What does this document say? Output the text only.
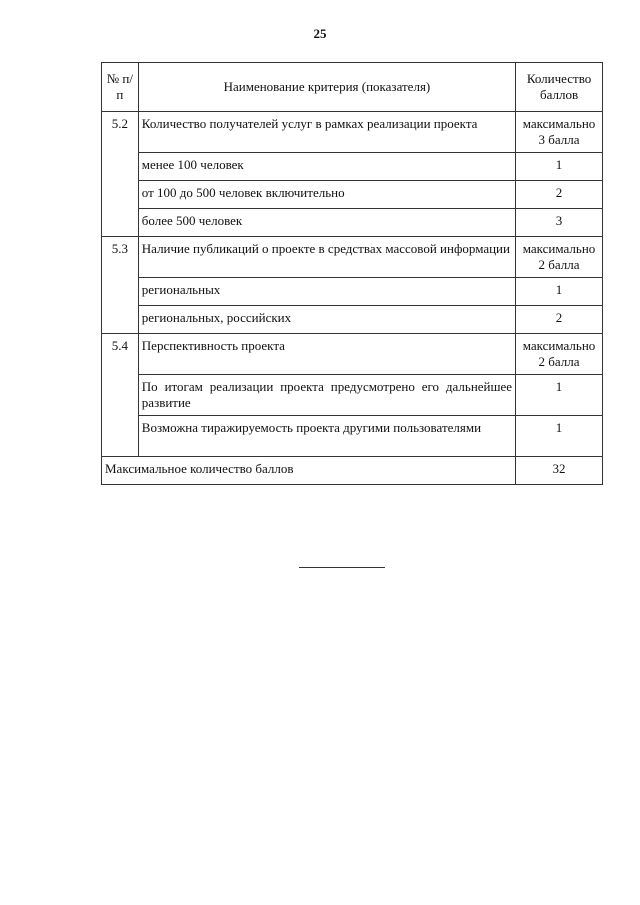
25
№ п/п	Наименование критерия (показателя)	Количество баллов
5.2	Количество получателей услуг в рамках реализации проекта	максимально 3 балла
	менее 100 человек	1
	от 100 до 500 человек включительно	2
	более 500 человек	3
5.3	Наличие публикаций о проекте в средствах массовой информации	максимально 2 балла
	региональных	1
	региональных, российских	2
5.4	Перспективность проекта	максимально 2 балла
	По итогам реализации проекта предусмотрено его дальнейшее развитие	1
	Возможна тиражируемость проекта другими пользователями	1
Максимальное количество баллов		32
